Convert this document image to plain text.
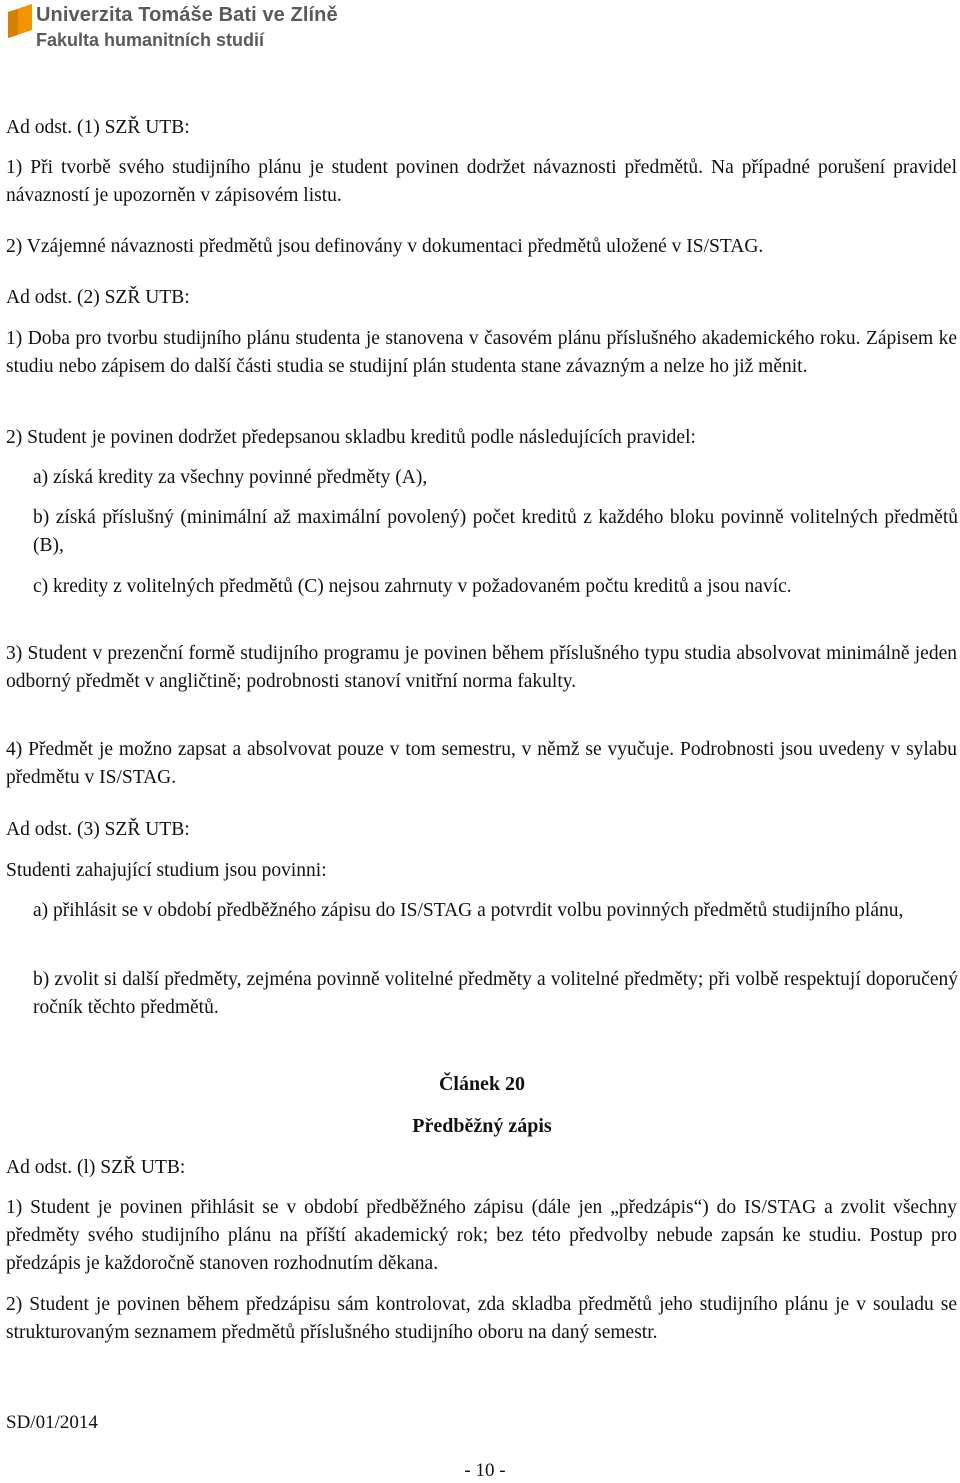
Univerzita Tomáše Bati ve Zlíně
Fakulta humanitních studií

Ad odst. (1) SZŘ UTB:

1) Při tvorbě svého studijního plánu je student povinen dodržet návaznosti předmětů. Na případné porušení pravidel návazností je upozorněn v zápisovém listu.

2) Vzájemné návaznosti předmětů jsou definovány v dokumentaci předmětů uložené v IS/STAG.

Ad odst. (2) SZŘ UTB:

1) Doba pro tvorbu studijního plánu studenta je stanovena v časovém plánu příslušného akademického roku. Zápisem ke studiu nebo zápisem do další části studia se studijní plán studenta stane závazným a nelze ho již měnit.

2) Student je povinen dodržet předepsanou skladbu kreditů podle následujících pravidel:

a) získá kredity za všechny povinné předměty (A),

b) získá příslušný (minimální až maximální povolený) počet kreditů z každého bloku povinně volitelných předmětů (B),

c) kredity z volitelných předmětů (C) nejsou zahrnuty v požadovaném počtu kreditů a jsou navíc.

3) Student v prezenční formě studijního programu je povinen během příslušného typu studia absolvovat minimálně jeden odborný předmět v angličtině; podrobnosti stanoví vnitřní norma fakulty.

4) Předmět je možno zapsat a absolvovat pouze v tom semestru, v němž se vyučuje. Podrobnosti jsou uvedeny v sylabu předmětu v IS/STAG.

Ad odst. (3) SZŘ UTB:

Studenti zahajující studium jsou povinni:

a) přihlásit se v období předběžného zápisu do IS/STAG a potvrdit volbu povinných předmětů studijního plánu,

b) zvolit si další předměty, zejména povinně volitelné předměty a volitelné předměty; při volbě respektují doporučený ročník těchto předmětů.

Článek 20

Předběžný zápis

Ad odst. (l) SZŘ UTB:

1) Student je povinen přihlásit se v období předběžného zápisu (dále jen „předzápis“) do IS/STAG a zvolit všechny předměty svého studijního plánu na příští akademický rok; bez této předvolby nebude zapsán ke studiu. Postup pro předzápis je každoročně stanoven rozhodnutím děkana.

2) Student je povinen během předzápisu sám kontrolovat, zda skladba předmětů jeho studijního plánu je v souladu se strukturovaným seznamem předmětů příslušného studijního oboru na daný semestr.

SD/01/2014
- 10 -
